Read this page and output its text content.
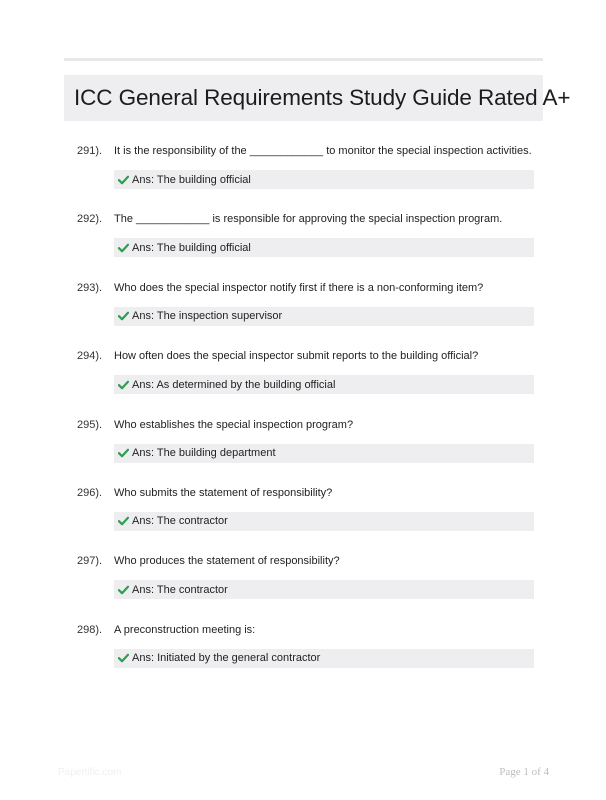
ICC General Requirements Study Guide Rated A+
291). It is the responsibility of the ____________ to monitor the special inspection activities.
Ans: The building official
292). The ____________ is responsible for approving the special inspection program.
Ans: The building official
293). Who does the special inspector notify first if there is a non-conforming item?
Ans: The inspection supervisor
294). How often does the special inspector submit reports to the building official?
Ans: As determined by the building official
295). Who establishes the special inspection program?
Ans: The building department
296). Who submits the statement of responsibility?
Ans: The contractor
297). Who produces the statement of responsibility?
Ans: The contractor
298). A preconstruction meeting is:
Ans: Initiated by the general contractor
Papertific.com	Page 1 of 4
